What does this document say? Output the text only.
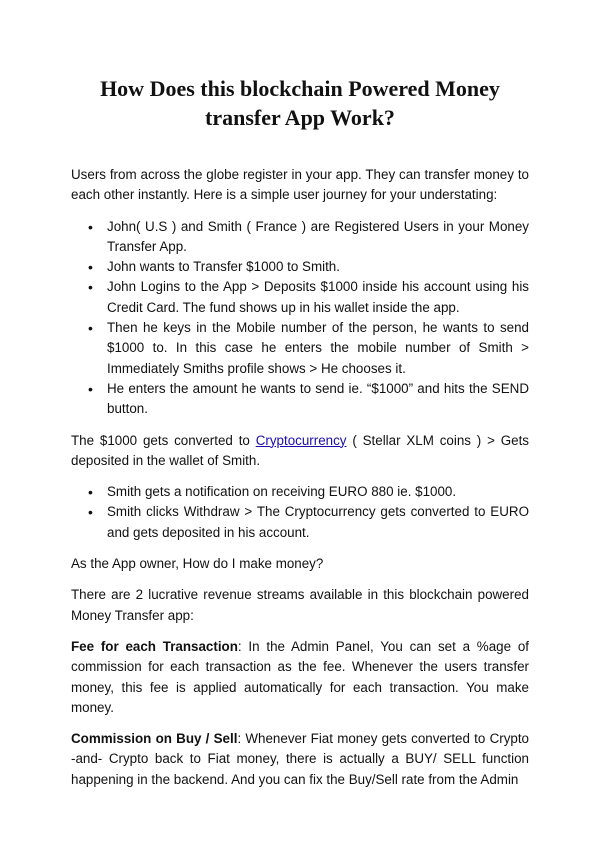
How Does this blockchain Powered Money transfer App Work?

Users from across the globe register in your app. They can transfer money to each other instantly. Here is a simple user journey for your understating:

• John( U.S ) and Smith ( France ) are Registered Users in your Money Transfer App.
• John wants to Transfer $1000 to Smith.
• John Logins to the App > Deposits $1000 inside his account using his Credit Card. The fund shows up in his wallet inside the app.
• Then he keys in the Mobile number of the person, he wants to send $1000 to. In this case he enters the mobile number of Smith > Immediately Smiths profile shows > He chooses it.
• He enters the amount he wants to send ie. “$1000” and hits the SEND button.

The $1000 gets converted to Cryptocurrency ( Stellar XLM coins ) > Gets deposited in the wallet of Smith.

• Smith gets a notification on receiving EURO 880 ie. $1000.
• Smith clicks Withdraw > The Cryptocurrency gets converted to EURO and gets deposited in his account.

As the App owner, How do I make money?

There are 2 lucrative revenue streams available in this blockchain powered Money Transfer app:

Fee for each Transaction: In the Admin Panel, You can set a %age of commission for each transaction as the fee. Whenever the users transfer money, this fee is applied automatically for each transaction. You make money.

Commission on Buy / Sell: Whenever Fiat money gets converted to Crypto -and- Crypto back to Fiat money, there is actually a BUY/ SELL function happening in the backend. And you can fix the Buy/Sell rate from the Admin
